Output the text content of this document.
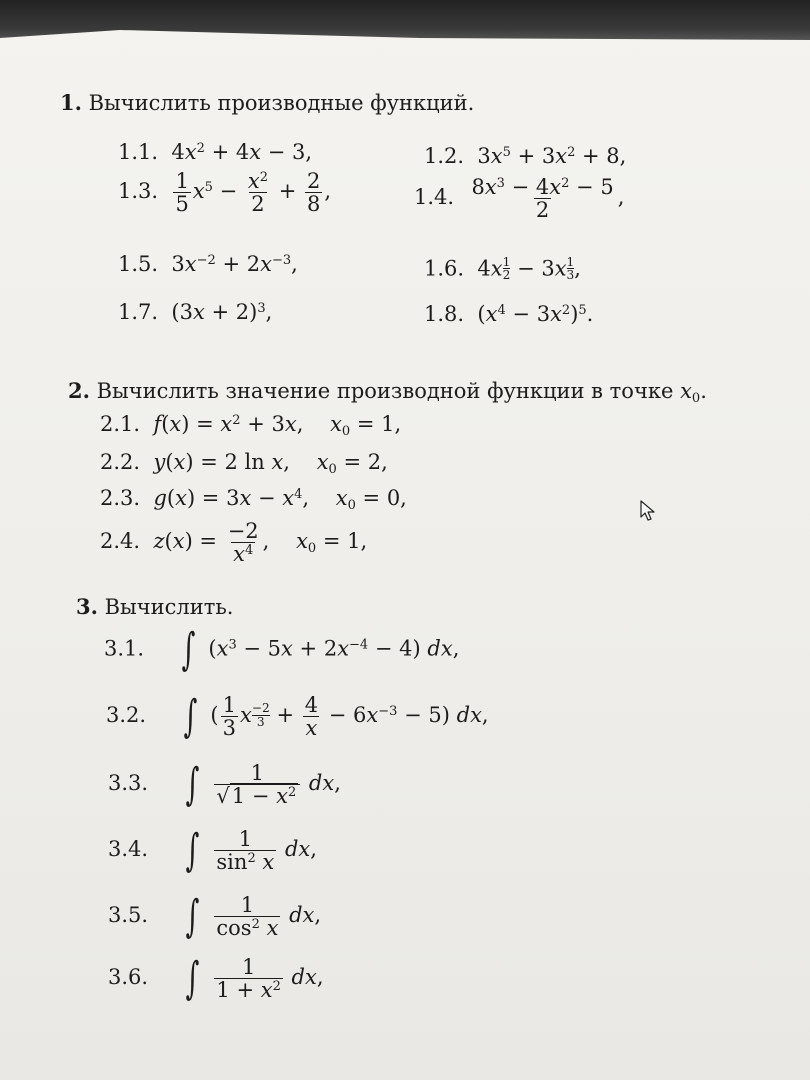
1. Вычислить производные функций.
1.1.  $4x^2 + 4x - 3$,	1.2.  $3x^5 + 3x^2 + 8$,
1.3. $\frac{1}{5} x^5 - \frac{x^2}{2} + \frac{2}{8}$ ,	1.4. $\frac{8x^3 - 4x^2 - 5}{2}$ ,
1.5.  $3x^{-2} + 2x^{-3}$,	1.6.  $4x \frac{1}{2} - 3x \frac{1}{3}$ ,
1.7.  $(3x + 2)^3$,	1.8.  $(x^4 - 3x^2)^5$.
2. Вычислить значение производной функции в точке $x_0$.
2.1. $f(x) = x^2 + 3x$,    $x_0 = 1$,
2.2. y(x) = 2 ln x,    $x_0 = 2$,
2.3. $g(x) = 3x - x^4$,    $x_0 = 0$,
2.4. $z(x) = \frac{-2}{x^4}$ ,    $x_0 = 1$,
3. Вычислить.
3.1. ∫ $(x^3 - 5x + 2x^{-4} - 4)$ dx,
3.2. ∫ ( $\frac{1}{3}$ x $\frac{-2}{3} + \frac{4}{x} - 6x^{-3} - 5$) dx,
3.3. ∫ $\frac{1}{√1 - x^2}$ dx,
3.4. ∫ $\frac{1}{\sin^2 x}$ dx,
3.5. ∫ $\frac{1}{\cos^2 x}$ dx,
3.6. ∫ $\frac{1}{1 + x^2}$ dx,
